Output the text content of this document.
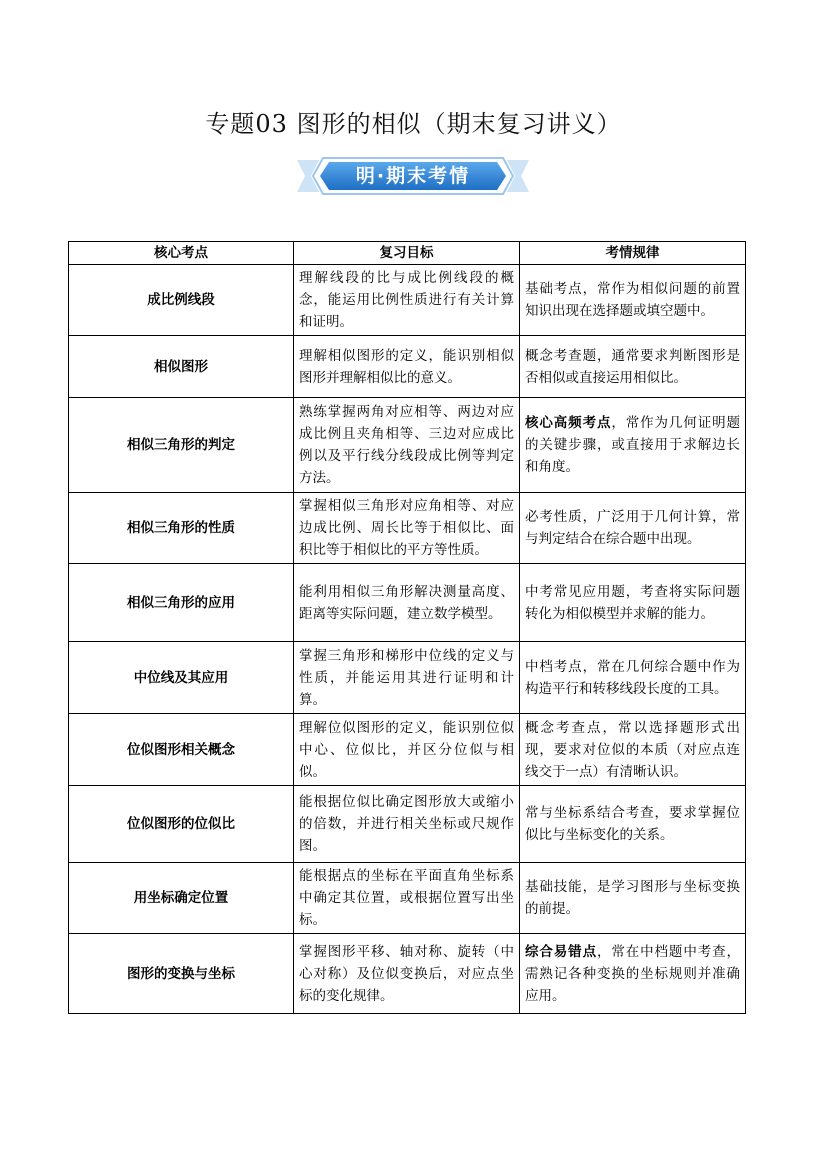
专题03 图形的相似（期末复习讲义）
明·期末考情
核心考点	复习目标	考情规律
成比例线段	理解线段的比与成比例线段的概念，能运用比例性质进行有关计算和证明。	基础考点，常作为相似问题的前置知识出现在选择题或填空题中。
相似图形	理解相似图形的定义，能识别相似图形并理解相似比的意义。	概念考查题，通常要求判断图形是否相似或直接运用相似比。
相似三角形的判定	熟练掌握两角对应相等、两边对应成比例且夹角相等、三边对应成比例以及平行线分线段成比例等判定方法。	核心高频考点，常作为几何证明题的关键步骤，或直接用于求解边长和角度。
相似三角形的性质	掌握相似三角形对应角相等、对应边成比例、周长比等于相似比、面积比等于相似比的平方等性质。	必考性质，广泛用于几何计算，常与判定结合在综合题中出现。
相似三角形的应用	能利用相似三角形解决测量高度、距离等实际问题，建立数学模型。	中考常见应用题，考查将实际问题转化为相似模型并求解的能力。
中位线及其应用	掌握三角形和梯形中位线的定义与性质，并能运用其进行证明和计算。	中档考点，常在几何综合题中作为构造平行和转移线段长度的工具。
位似图形相关概念	理解位似图形的定义，能识别位似中心、位似比，并区分位似与相似。	概念考查点，常以选择题形式出现，要求对位似的本质（对应点连线交于一点）有清晰认识。
位似图形的位似比	能根据位似比确定图形放大或缩小的倍数，并进行相关坐标或尺规作图。	常与坐标系结合考查，要求掌握位似比与坐标变化的关系。
用坐标确定位置	能根据点的坐标在平面直角坐标系中确定其位置，或根据位置写出坐标。	基础技能，是学习图形与坐标变换的前提。
图形的变换与坐标	掌握图形平移、轴对称、旋转（中心对称）及位似变换后，对应点坐标的变化规律。	综合易错点，常在中档题中考查，需熟记各种变换的坐标规则并准确应用。
